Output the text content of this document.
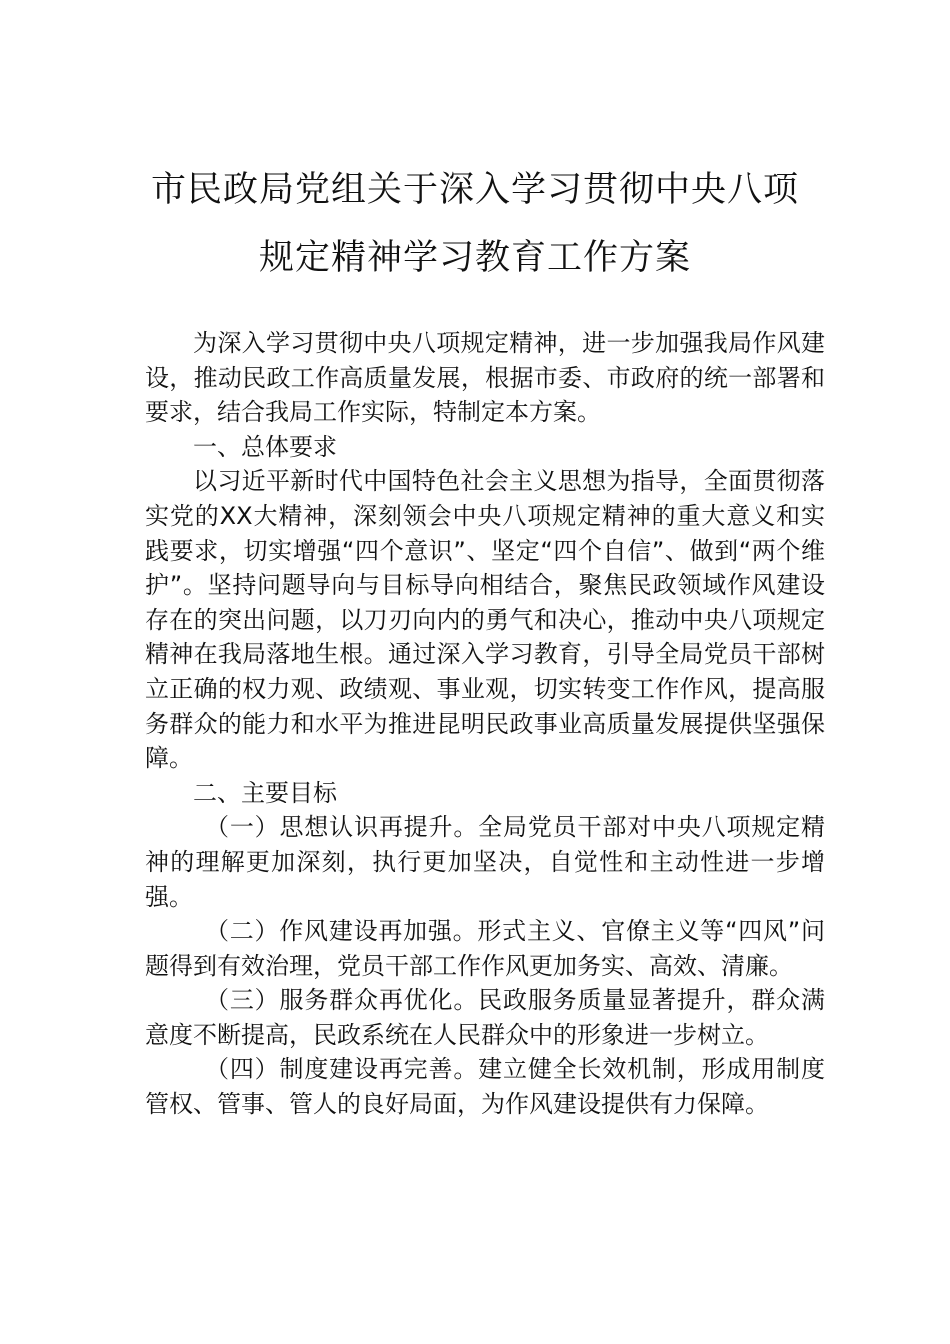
市民政局党组关于深入学习贯彻中央八项
规定精神学习教育工作方案

为深入学习贯彻中央八项规定精神，进一步加强我局作风建设，推动民政工作高质量发展，根据市委、市政府的统一部署和要求，结合我局工作实际，特制定本方案。

一、总体要求

以习近平新时代中国特色社会主义思想为指导，全面贯彻落实党的XX大精神，深刻领会中央八项规定精神的重大意义和实践要求，切实增强“四个意识”、坚定“四个自信”、做到“两个维护”。坚持问题导向与目标导向相结合，聚焦民政领域作风建设存在的突出问题，以刀刃向内的勇气和决心，推动中央八项规定精神在我局落地生根。通过深入学习教育，引导全局党员干部树立正确的权力观、政绩观、事业观，切实转变工作作风，提高服务群众的能力和水平为推进昆明民政事业高质量发展提供坚强保障。

二、主要目标

（一）思想认识再提升。全局党员干部对中央八项规定精神的理解更加深刻，执行更加坚决，自觉性和主动性进一步增强。

（二）作风建设再加强。形式主义、官僚主义等“四风”问题得到有效治理，党员干部工作作风更加务实、高效、清廉。

（三）服务群众再优化。民政服务质量显著提升，群众满意度不断提高，民政系统在人民群众中的形象进一步树立。

（四）制度建设再完善。建立健全长效机制，形成用制度管权、管事、管人的良好局面，为作风建设提供有力保障。
